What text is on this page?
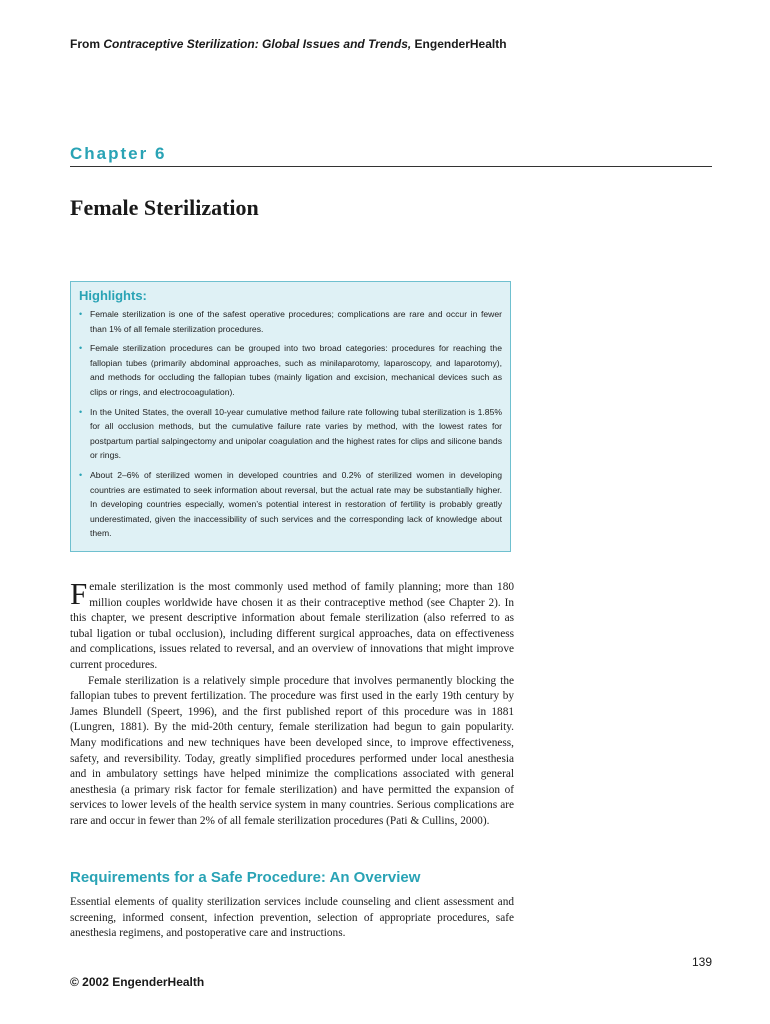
From Contraceptive Sterilization: Global Issues and Trends, EngenderHealth
Chapter 6
Female Sterilization
Highlights:
• Female sterilization is one of the safest operative procedures; complications are rare and occur in fewer than 1% of all female sterilization procedures.
• Female sterilization procedures can be grouped into two broad categories: procedures for reaching the fallopian tubes (primarily abdominal approaches, such as minilaparotomy, laparoscopy, and laparotomy), and methods for occluding the fallopian tubes (mainly ligation and excision, mechanical devices such as clips or rings, and electrocoagulation).
• In the United States, the overall 10-year cumulative method failure rate following tubal sterilization is 1.85% for all occlusion methods, but the cumulative failure rate varies by method, with the lowest rates for postpartum partial salpingectomy and unipolar coagulation and the highest rates for clips and silicone bands or rings.
• About 2–6% of sterilized women in developed countries and 0.2% of sterilized women in developing countries are estimated to seek information about reversal, but the actual rate may be substantially higher. In developing countries especially, women’s potential interest in restoration of fertility is probably greatly underestimated, given the inaccessibility of such services and the corresponding lack of knowledge about them.

Female sterilization is the most commonly used method of family planning; more than 180 million couples worldwide have chosen it as their contraceptive method (see Chapter 2). In this chapter, we present descriptive information about female sterilization (also referred to as tubal ligation or tubal occlusion), including different surgical approaches, data on effectiveness and complications, issues related to reversal, and an overview of innovations that might improve current procedures.

Female sterilization is a relatively simple procedure that involves permanently blocking the fallopian tubes to prevent fertilization. The procedure was first used in the early 19th century by James Blundell (Speert, 1996), and the first published report of this procedure was in 1881 (Lungren, 1881). By the mid-20th century, female sterilization had begun to gain popularity. Many modifications and new techniques have been developed since, to improve effectiveness, safety, and reversibility. Today, greatly simplified procedures performed under local anesthesia and in ambulatory settings have helped minimize the complications associated with general anesthesia (a primary risk factor for female sterilization) and have permitted the expansion of services to lower levels of the health service system in many countries. Serious complications are rare and occur in fewer than 2% of all female sterilization procedures (Pati & Cullins, 2000).

Requirements for a Safe Procedure: An Overview

Essential elements of quality sterilization services include counseling and client assessment and screening, informed consent, infection prevention, selection of appropriate procedures, safe anesthesia regimens, and postoperative care and instructions.

139
© 2002 EngenderHealth
